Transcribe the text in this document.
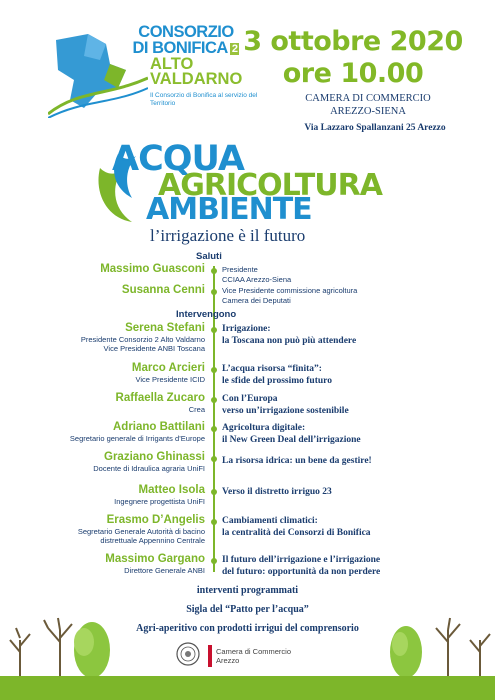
CONSORZIO
DI BONIFICA 2
ALTO
VALDARNO
Il Consorzio di Bonifica al servizio del Territorio
3 ottobre 2020
ore 10.00
CAMERA DI COMMERCIO
AREZZO-SIENA
Via Lazzaro Spallanzani 25 Arezzo
ACQUA
AGRICOLTURA
AMBIENTE
l’irrigazione è il futuro
Saluti
Massimo Guasconi Presidente
CCIAA Arezzo-Siena
Susanna Cenni Vice Presidente commissione agricoltura
Camera dei Deputati
Intervengono
Serena Stefani
Presidente Consorzio 2 Alto Valdarno
Vice Presidente ANBI Toscana
Irrigazione:
la Toscana non può più attendere
Marco Arcieri
Vice Presidente ICID
L’acqua risorsa “finita”:
le sfide del prossimo futuro
Raffaella Zucaro
Crea
Con l’Europa
verso un’irrigazione sostenibile
Adriano Battilani
Segretario generale di Irrigants d’Europe
Agricoltura digitale:
il New Green Deal dell’irrigazione
Graziano Ghinassi
Docente di Idraulica agraria UniFI
La risorsa idrica: un bene da gestire!
Matteo Isola
Ingegnere progettista UniFI
Verso il distretto irriguo 23
Erasmo D’Angelis
Segretario Generale Autorità di bacino
distrettuale Appennino Centrale
Cambiamenti climatici:
la centralità dei Consorzi di Bonifica
Massimo Gargano
Direttore Generale ANBI
Il futuro dell’irrigazione e l’irrigazione
del futuro: opportunità da non perdere
interventi programmati
Sigla del “Patto per l’acqua”
Agri-aperitivo con prodotti irrigui del comprensorio
Camera di Commercio
Arezzo
